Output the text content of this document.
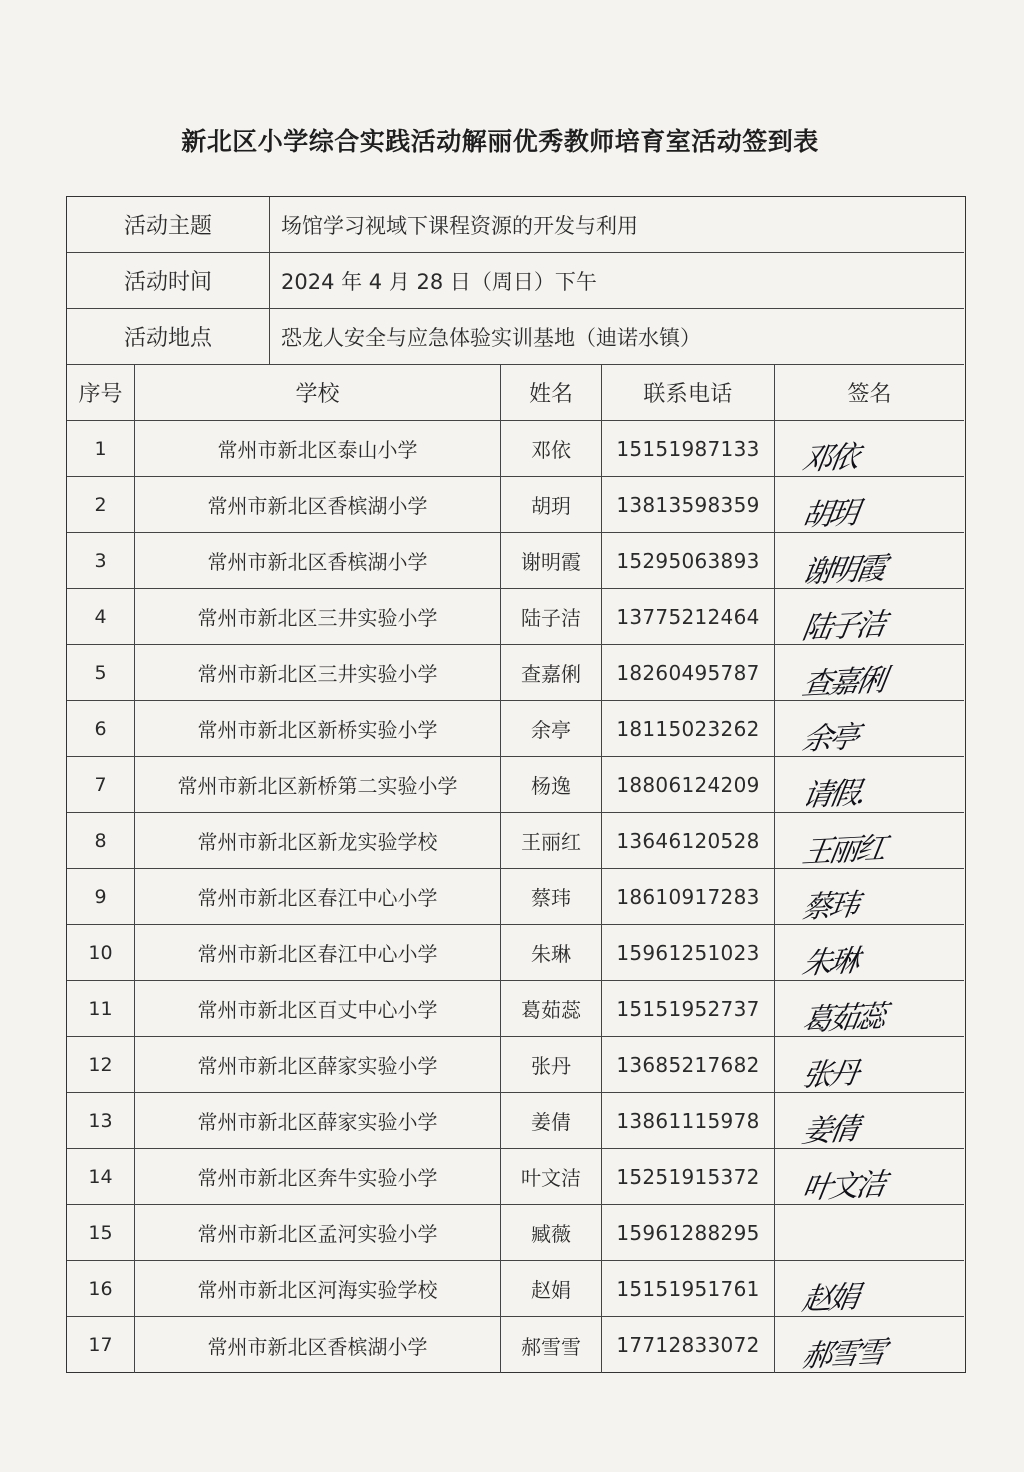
新北区小学综合实践活动解丽优秀教师培育室活动签到表
活动主题	场馆学习视域下课程资源的开发与利用
活动时间	2024 年 4 月 28 日（周日）下午
活动地点	恐龙人安全与应急体验实训基地（迪诺水镇）
序号	学校	姓名	联系电话	签名
1	常州市新北区泰山小学	邓依	15151987133	邓依
2	常州市新北区香槟湖小学	胡玥	13813598359	胡玥
3	常州市新北区香槟湖小学	谢明霞	15295063893	谢明霞
4	常州市新北区三井实验小学	陆子洁	13775212464	陆子洁
5	常州市新北区三井实验小学	查嘉俐	18260495787	查嘉俐
6	常州市新北区新桥实验小学	余亭	18115023262	余亭
7	常州市新北区新桥第二实验小学	杨逸	18806124209	请假.
8	常州市新北区新龙实验学校	王丽红	13646120528	王丽红
9	常州市新北区春江中心小学	蔡玮	18610917283	蔡玮
10	常州市新北区春江中心小学	朱琳	15961251023	朱琳
11	常州市新北区百丈中心小学	葛茹蕊	15151952737	葛茹蕊
12	常州市新北区薛家实验小学	张丹	13685217682	张丹
13	常州市新北区薛家实验小学	姜倩	13861115978	姜倩
14	常州市新北区奔牛实验小学	叶文洁	15251915372	叶文洁
15	常州市新北区孟河实验小学	臧薇	15961288295
16	常州市新北区河海实验学校	赵娟	15151951761	赵娟
17	常州市新北区香槟湖小学	郝雪雪	17712833072	郝雪雪
